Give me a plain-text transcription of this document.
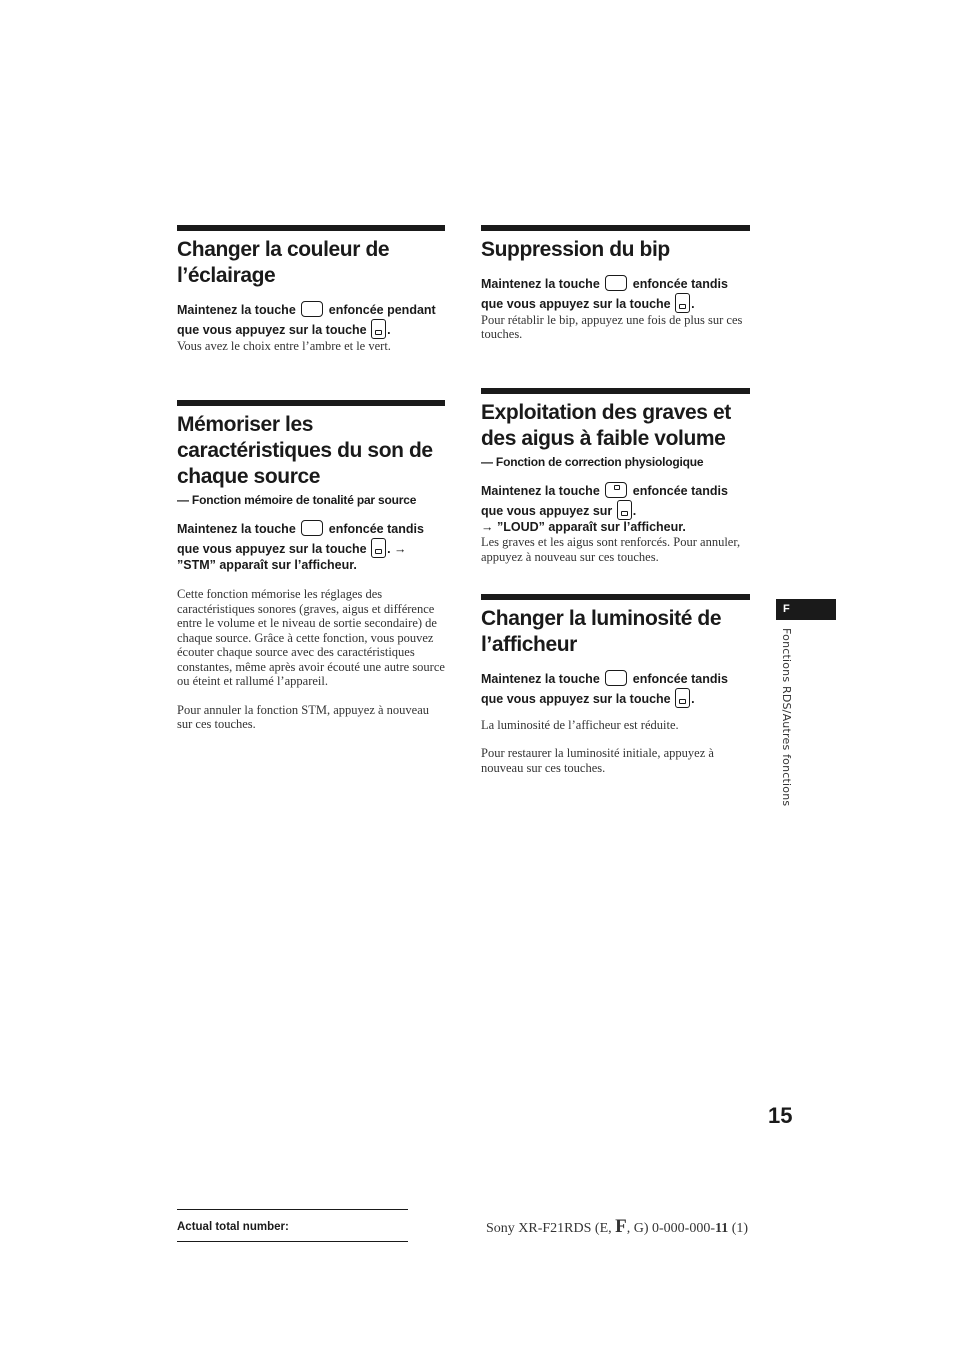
Changer la couleur de l’éclairage
Maintenez la touche	enfoncée pendant que vous appuyez sur la touche .
Vous avez le choix entre l’ambre et le vert.
Mémoriser les caractéristiques du son de chaque source
— Fonction mémoire de tonalité par source
Maintenez la touche	enfoncée tandis que vous appuyez sur la touche . → ”STM” apparaît sur l’afficheur.
Cette fonction mémorise les réglages des caractéristiques sonores (graves, aigus et différence entre le volume et le niveau de sortie secondaire) de chaque source. Grâce à cette fonction, vous pouvez écouter chaque source avec des caractéristiques constantes, même après avoir écouté une autre source ou éteint et rallumé l’appareil.
Pour annuler la fonction STM, appuyez à nouveau sur ces touches.
Suppression du bip
Maintenez la touche	enfoncée tandis que vous appuyez sur la touche .
Pour rétablir le bip, appuyez une fois de plus sur ces touches.
Exploitation des graves et des aigus à faible volume
— Fonction de correction physiologique
Maintenez la touche	enfoncée tandis que vous appuyez sur .
→ ”LOUD” apparaît sur l’afficheur.
Les graves et les aigus sont renforcés. Pour annuler, appuyez à nouveau sur ces touches.
Changer la luminosité de l’afficheur
Maintenez la touche	enfoncée tandis que vous appuyez sur la touche .
La luminosité de l’afficheur est réduite.
Pour restaurer la luminosité initiale, appuyez à nouveau sur ces touches.
F
Fonctions RDS/Autres fonctions
15
Actual total number:	Sony XR-F21RDS (E, F, G) 0-000-000-11 (1)
